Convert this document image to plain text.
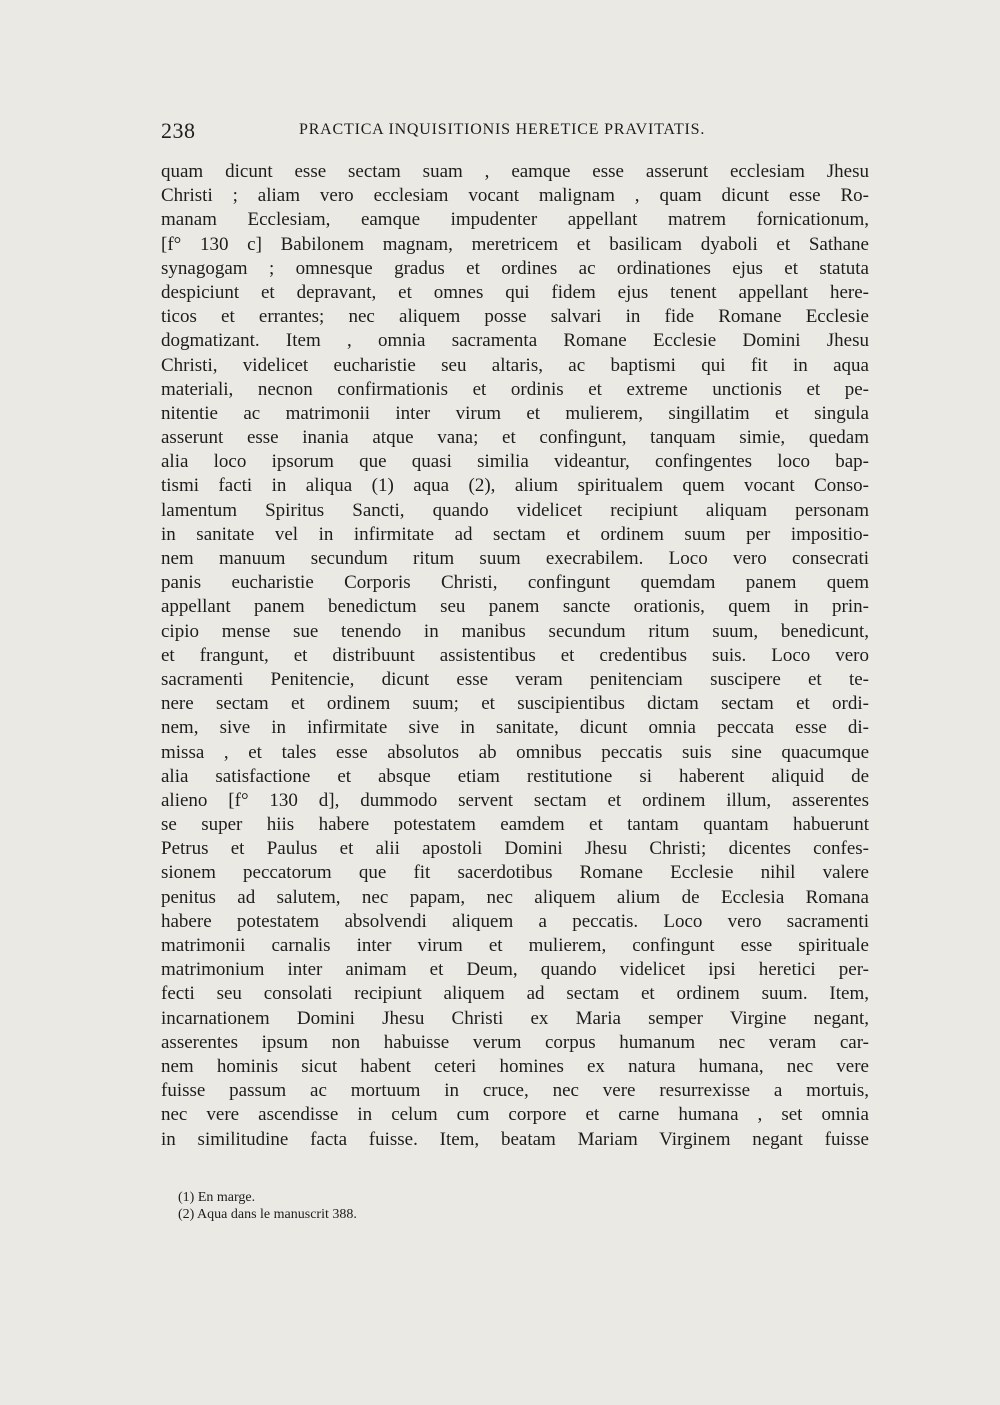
238	PRACTICA INQUISITIONIS HERETICE PRAVITATIS.
quam dicunt esse sectam suam , eamque esse asserunt ecclesiam Jhesu
Christi ; aliam vero ecclesiam vocant malignam , quam dicunt esse Ro-
manam Ecclesiam, eamque impudenter appellant matrem fornicationum,
[f° 130 c] Babilonem magnam, meretricem et basilicam dyaboli et Sathane
synagogam ; omnesque gradus et ordines ac ordinationes ejus et statuta
despiciunt et depravant, et omnes qui fidem ejus tenent appellant here-
ticos et errantes; nec aliquem posse salvari in fide Romane Ecclesie
dogmatizant. Item , omnia sacramenta Romane Ecclesie Domini Jhesu
Christi, videlicet eucharistie seu altaris, ac baptismi qui fit in aqua
materiali, necnon confirmationis et ordinis et extreme unctionis et pe-
nitentie ac matrimonii inter virum et mulierem, singillatim et singula
asserunt esse inania atque vana; et confingunt, tanquam simie, quedam
alia loco ipsorum que quasi similia videantur, confingentes loco bap-
tismi facti in aliqua (1) aqua (2), alium spiritualem quem vocant Conso-
lamentum Spiritus Sancti, quando videlicet recipiunt aliquam personam
in sanitate vel in infirmitate ad sectam et ordinem suum per impositio-
nem manuum secundum ritum suum execrabilem. Loco vero consecrati
panis eucharistie Corporis Christi, confingunt quemdam panem quem
appellant panem benedictum seu panem sancte orationis, quem in prin-
cipio mense sue tenendo in manibus secundum ritum suum, benedicunt,
et frangunt, et distribuunt assistentibus et credentibus suis. Loco vero
sacramenti Penitencie, dicunt esse veram penitenciam suscipere et te-
nere sectam et ordinem suum; et suscipientibus dictam sectam et ordi-
nem, sive in infirmitate sive in sanitate, dicunt omnia peccata esse di-
missa , et tales esse absolutos ab omnibus peccatis suis sine quacumque
alia satisfactione et absque etiam restitutione si haberent aliquid de
alieno [f° 130 d], dummodo servent sectam et ordinem illum, asserentes
se super hiis habere potestatem eamdem et tantam quantam habuerunt
Petrus et Paulus et alii apostoli Domini Jhesu Christi; dicentes confes-
sionem peccatorum que fit sacerdotibus Romane Ecclesie nihil valere
penitus ad salutem, nec papam, nec aliquem alium de Ecclesia Romana
habere potestatem absolvendi aliquem a peccatis. Loco vero sacramenti
matrimonii carnalis inter virum et mulierem, confingunt esse spirituale
matrimonium inter animam et Deum, quando videlicet ipsi heretici per-
fecti seu consolati recipiunt aliquem ad sectam et ordinem suum. Item,
incarnationem Domini Jhesu Christi ex Maria semper Virgine negant,
asserentes ipsum non habuisse verum corpus humanum nec veram car-
nem hominis sicut habent ceteri homines ex natura humana, nec vere
fuisse passum ac mortuum in cruce, nec vere resurrexisse a mortuis,
nec vere ascendisse in celum cum corpore et carne humana , set omnia
in similitudine facta fuisse. Item, beatam Mariam Virginem negant fuisse
(1) En marge.
(2) Aqua dans le manuscrit 388.
